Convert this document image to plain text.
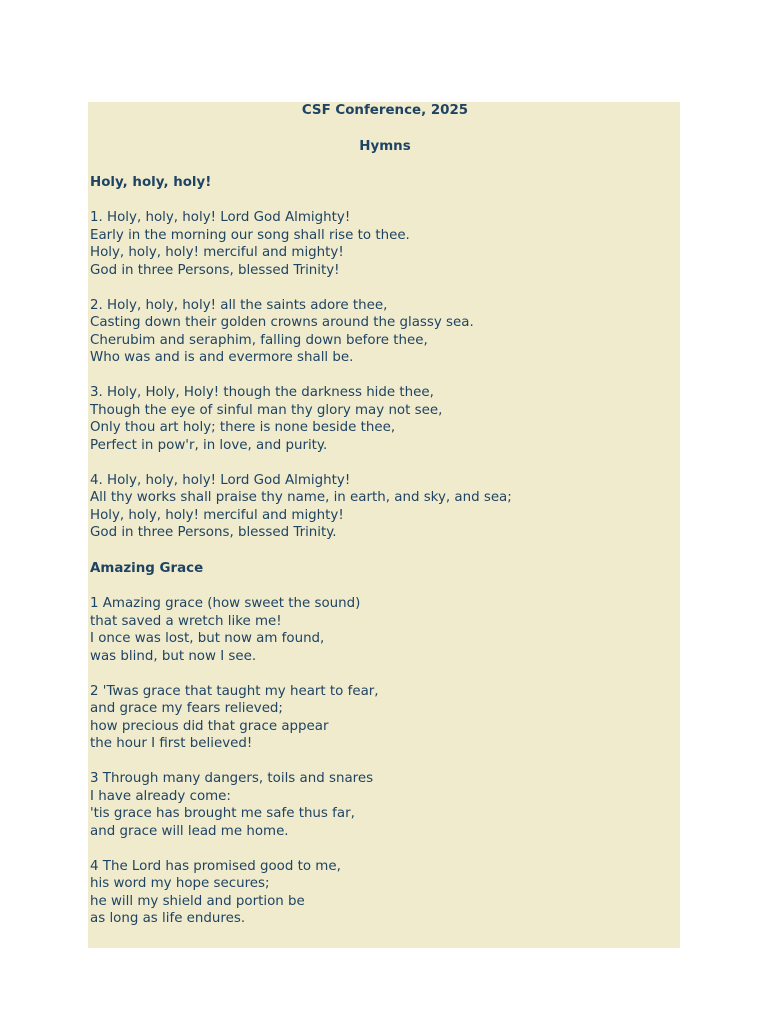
CSF Conference, 2025
Hymns
Holy, holy, holy!
1. Holy, holy, holy! Lord God Almighty!
Early in the morning our song shall rise to thee.
Holy, holy, holy! merciful and mighty!
God in three Persons, blessed Trinity!
2. Holy, holy, holy! all the saints adore thee,
Casting down their golden crowns around the glassy sea.
Cherubim and seraphim, falling down before thee,
Who was and is and evermore shall be.
3. Holy, Holy, Holy! though the darkness hide thee,
Though the eye of sinful man thy glory may not see,
Only thou art holy; there is none beside thee,
Perfect in pow'r, in love, and purity.
4. Holy, holy, holy! Lord God Almighty!
All thy works shall praise thy name, in earth, and sky, and sea;
Holy, holy, holy! merciful and mighty!
God in three Persons, blessed Trinity.
Amazing Grace
1 Amazing grace (how sweet the sound)
that saved a wretch like me!
I once was lost, but now am found,
was blind, but now I see.
2 'Twas grace that taught my heart to fear,
and grace my fears relieved;
how precious did that grace appear
the hour I first believed!
3 Through many dangers, toils and snares
I have already come:
'tis grace has brought me safe thus far,
and grace will lead me home.
4 The Lord has promised good to me,
his word my hope secures;
he will my shield and portion be
as long as life endures.
